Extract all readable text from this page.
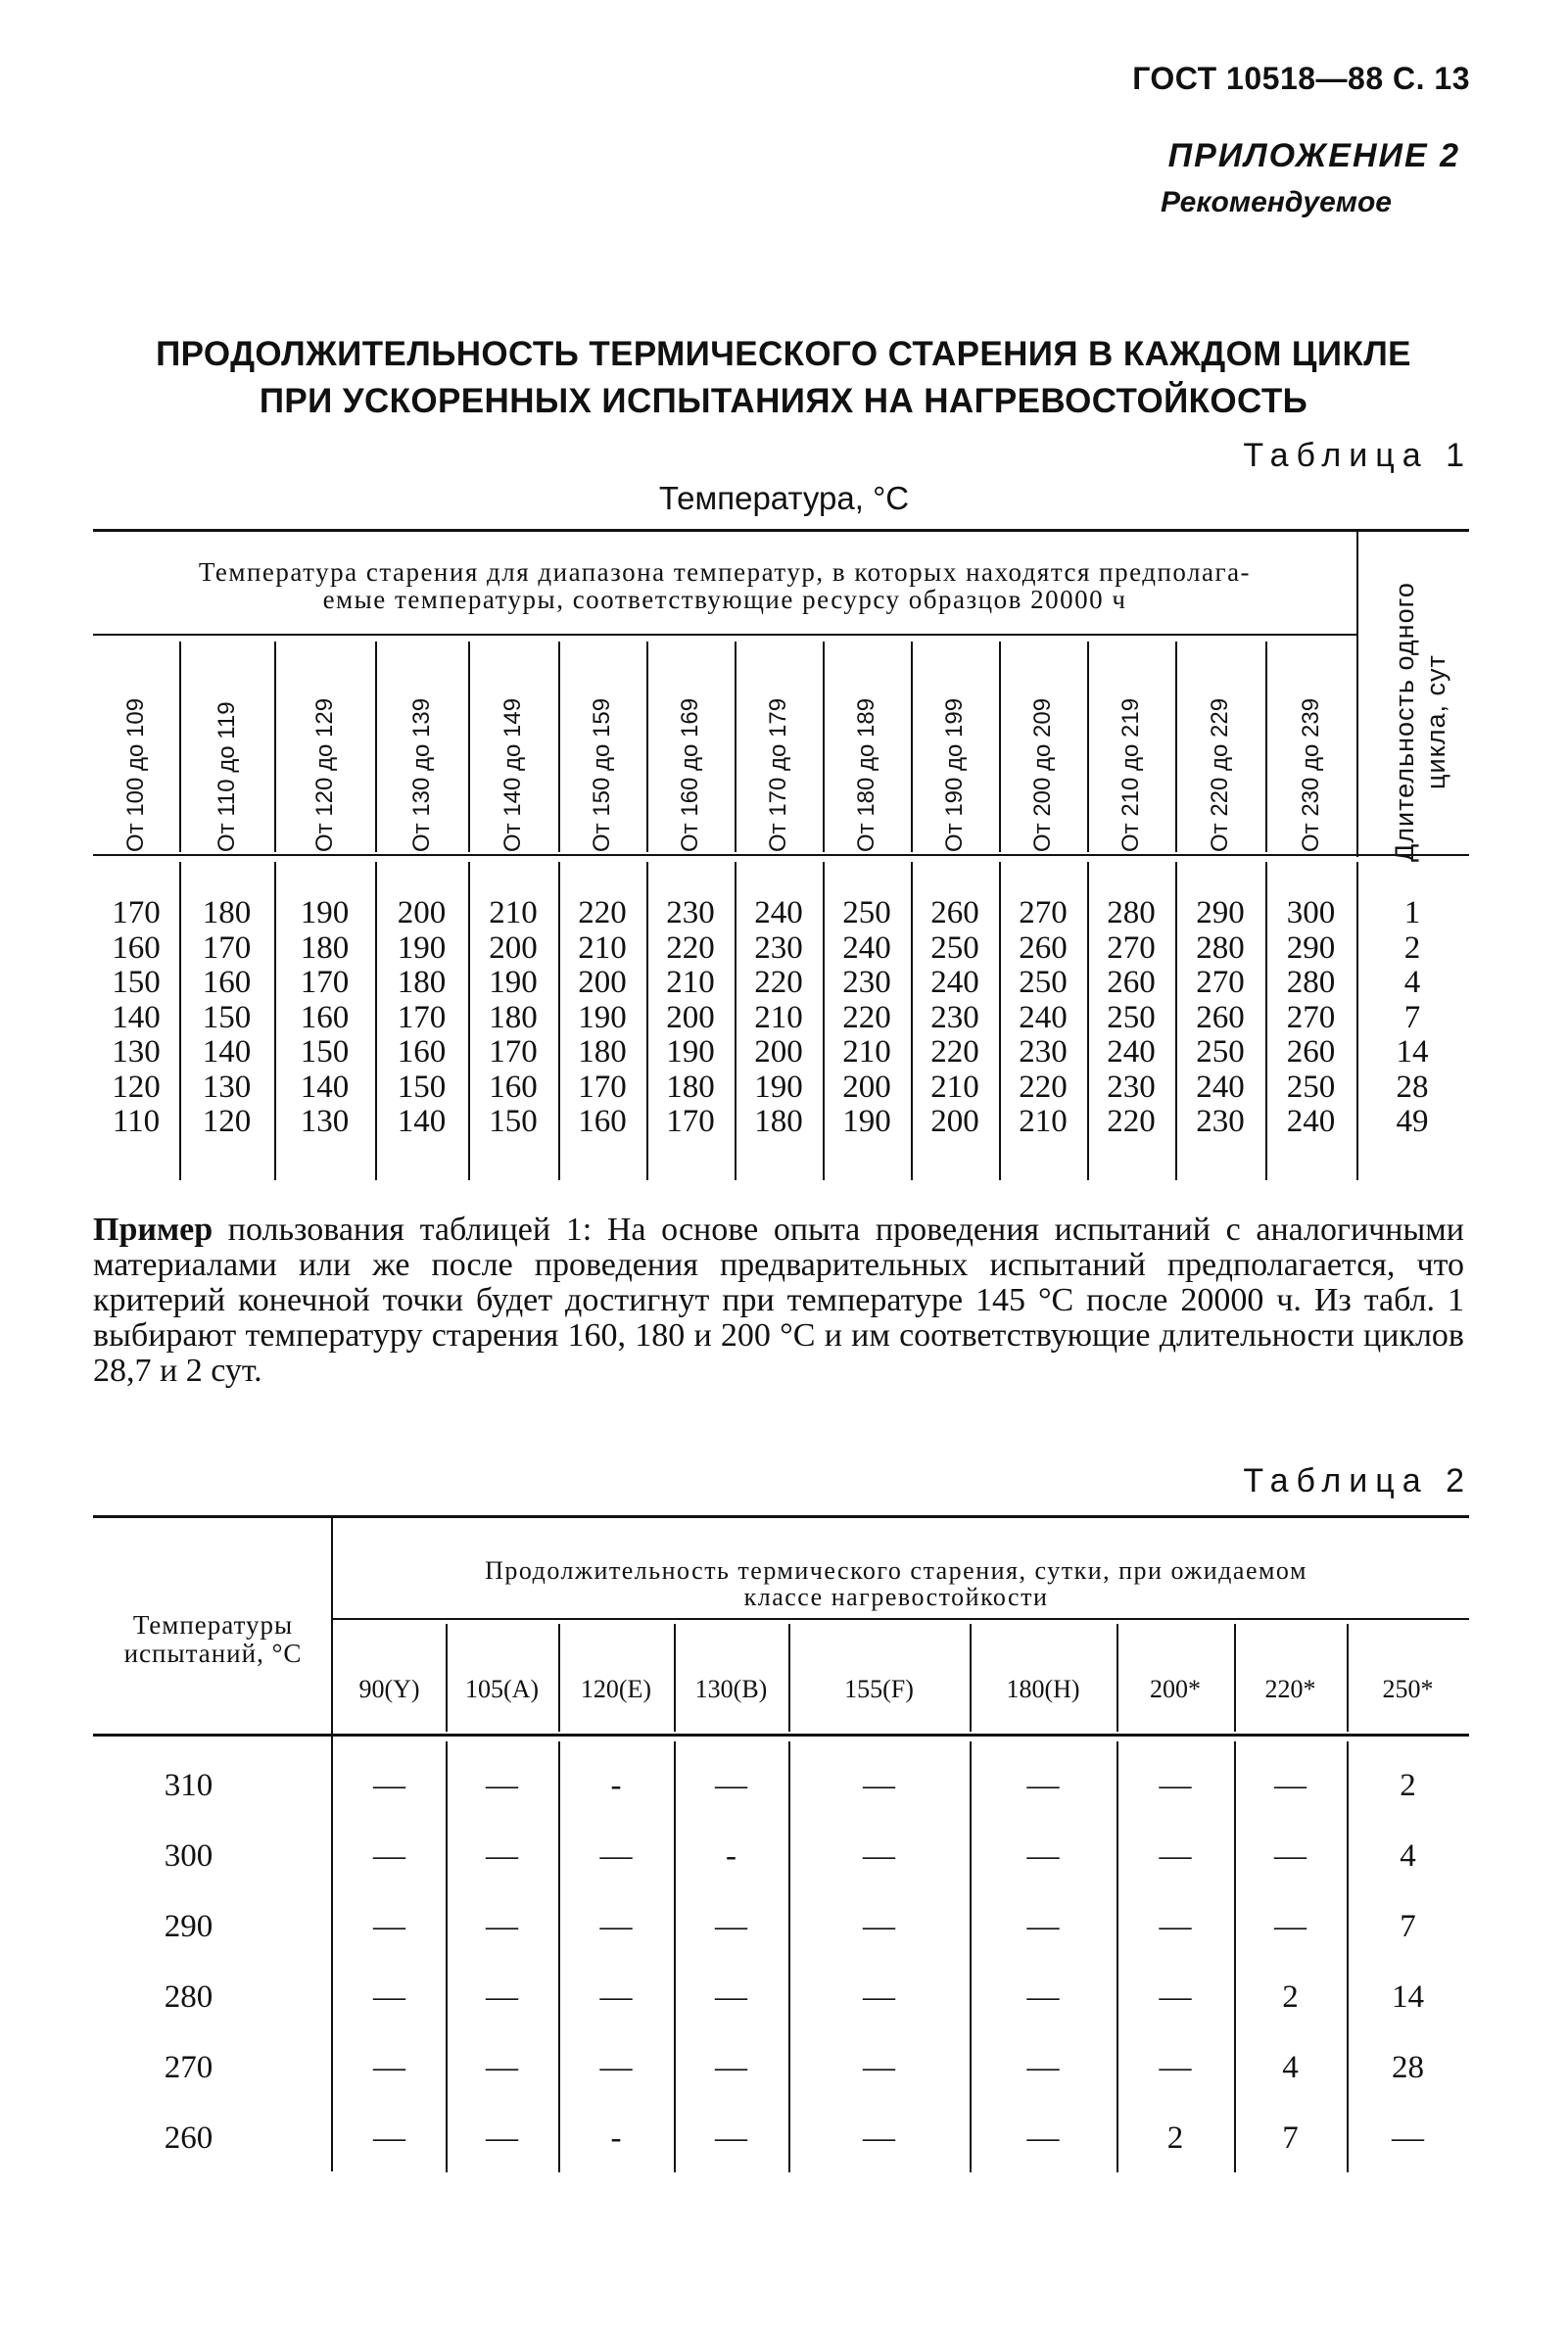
ГОСТ 10518—88 С. 13
ПРИЛОЖЕНИЕ 2
Рекомендуемое
ПРОДОЛЖИТЕЛЬНОСТЬ ТЕРМИЧЕСКОГО СТАРЕНИЯ В КАЖДОМ ЦИКЛЕ
ПРИ УСКОРЕННЫХ ИСПЫТАНИЯХ НА НАГРЕВОСТОЙКОСТЬ
Таблица 1
Температура, °С
Температура старения для диапазона температур, в которых находятся предполага-
емые температуры, соответствующие ресурсу образцов 20000 ч	Длительность одного цикла, сут
От 100 до 109	От 110 до 119	От 120 до 129	От 130 до 139	От 140 до 149	От 150 до 159	От 160 до 169	От 170 до 179	От 180 до 189	От 190 до 199	От 200 до 209	От 210 до 219	От 220 до 229	От 230 до 239
170	180	190	200	210	220	230	240	250	260	270	280	290	300	1
160	170	180	190	200	210	220	230	240	250	260	270	280	290	2
150	160	170	180	190	200	210	220	230	240	250	260	270	280	4
140	150	160	170	180	190	200	210	220	230	240	250	260	270	7
130	140	150	160	170	180	190	200	210	220	230	240	250	260	14
120	130	140	150	160	170	180	190	200	210	220	230	240	250	28
110	120	130	140	150	160	170	180	190	200	210	220	230	240	49
Пример пользования таблицей 1: На основе опыта проведения испытаний с аналогичными материалами или же после проведения предварительных испытаний предполагается, что критерий конечной точки будет достигнут при температуре 145 °С после 20000 ч. Из табл. 1 выбирают температуру старения 160, 180 и 200 °С и им соответствующие длительности циклов 28,7 и 2 сут.
Таблица 2
Продолжительность термического старения, сутки, при ожидаемом
классе нагревостойкости
Температуры
испытаний, °С
90(Y)	105(A)	120(E)	130(B)	155(F)	180(H)	200*	220*	250*
310	—	—	-	—	—	—	—	—	2
300	—	—	—	-	—	—	—	—	4
290	—	—	—	—	—	—	—	—	7
280	—	—	—	—	—	—	—	2	14
270	—	—	—	—	—	—	—	4	28
260	—	—	-	—	—	—	2	7	—
